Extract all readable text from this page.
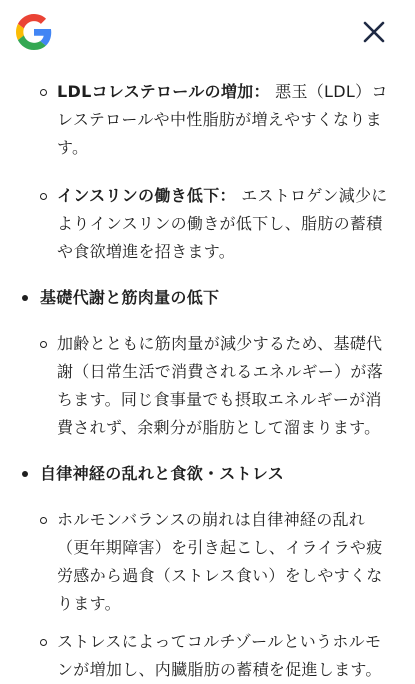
LDLコレステロールの増加： 悪玉（LDL）コレステロールや中性脂肪が増えやすくなります。
インスリンの働き低下： エストロゲン減少によりインスリンの働きが低下し、脂肪の蓄積や食欲増進を招きます。
基礎代謝と筋肉量の低下
加齢とともに筋肉量が減少するため、基礎代謝（日常生活で消費されるエネルギー）が落ちます。同じ食事量でも摂取エネルギーが消費されず、余剰分が脂肪として溜まります。
自律神経の乱れと食欲・ストレス
ホルモンバランスの崩れは自律神経の乱れ（更年期障害）を引き起こし、イライラや疲労感から過食（ストレス食い）をしやすくなります。
ストレスによってコルチゾールというホルモンが増加し、内臓脂肪の蓄積を促進します。
